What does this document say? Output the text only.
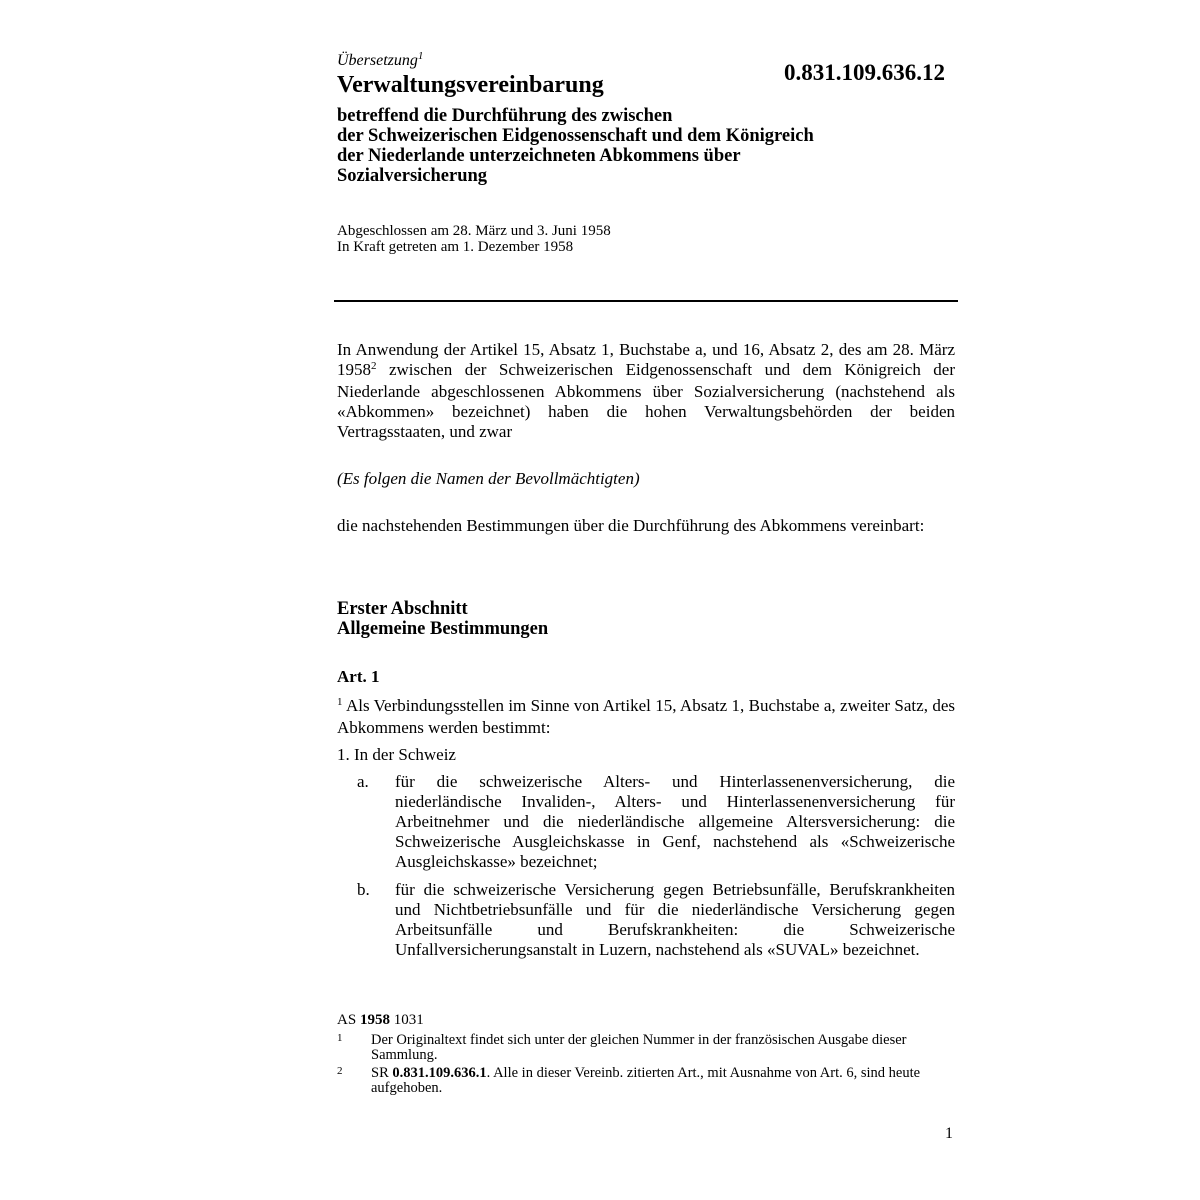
Übersetzung$^1$
Verwaltungsvereinbarung	0.831.109.636.12
betreffend die Durchführung des zwischen
der Schweizerischen Eidgenossenschaft und dem Königreich
der Niederlande unterzeichneten Abkommens über
Sozialversicherung
Abgeschlossen am 28. März und 3. Juni 1958
In Kraft getreten am 1. Dezember 1958
In Anwendung der Artikel 15, Absatz 1, Buchstabe a, und 16, Absatz 2, des am 28. März 1958$^2$ zwischen der Schweizerischen Eidgenossenschaft und dem Königreich der Niederlande abgeschlossenen Abkommens über Sozialversicherung (nachstehend als «Abkommen» bezeichnet) haben die hohen Verwaltungsbehörden der beiden Vertragsstaaten, und zwar
(Es folgen die Namen der Bevollmächtigten)
die nachstehenden Bestimmungen über die Durchführung des Abkommens vereinbart:
Erster Abschnitt
Allgemeine Bestimmungen
Art. 1
$^1$ Als Verbindungsstellen im Sinne von Artikel 15, Absatz 1, Buchstabe a, zweiter Satz, des Abkommens werden bestimmt:
1. In der Schweiz
a. für die schweizerische Alters- und Hinterlassenenversicherung, die niederländische Invaliden-, Alters- und Hinterlassenenversicherung für Arbeitnehmer und die niederländische allgemeine Altersversicherung: die Schweizerische Ausgleichskasse in Genf, nachstehend als «Schweizerische Ausgleichskasse» bezeichnet;
b. für die schweizerische Versicherung gegen Betriebsunfälle, Berufskrankheiten und Nichtbetriebsunfälle und für die niederländische Versicherung gegen Arbeitsunfälle und Berufskrankheiten: die Schweizerische Unfallversicherungsanstalt in Luzern, nachstehend als «SUVAL» bezeichnet.
AS 1958 1031
1 Der Originaltext findet sich unter der gleichen Nummer in der französischen Ausgabe dieser Sammlung.
2 SR 0.831.109.636.1. Alle in dieser Vereinb. zitierten Art., mit Ausnahme von Art. 6, sind heute aufgehoben.
1
